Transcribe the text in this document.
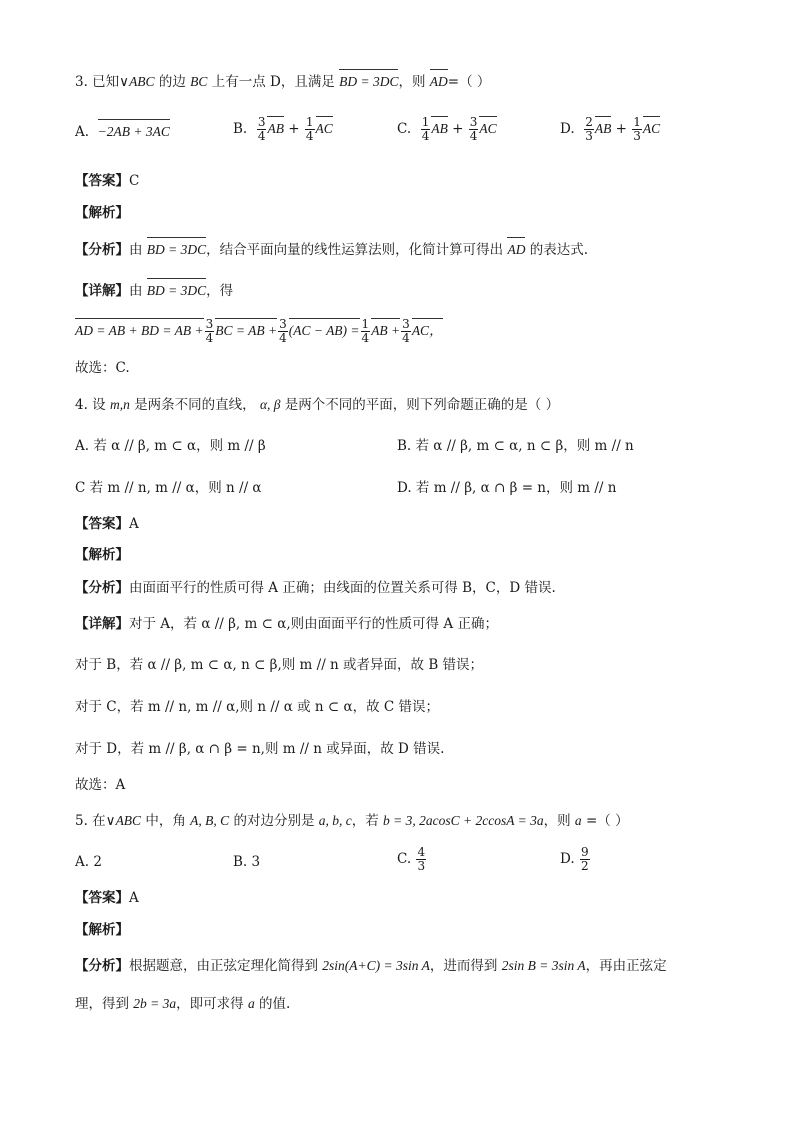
3. 已知∨ABC 的边 BC 上有一点 D，且满足 BD = 3DC，则 AD=（ ）
A. −2AB + 3AC	B. $\frac{3}{4}$ AB + $\frac{1}{4}$ AC	C. $\frac{1}{4}$ AB + $\frac{3}{4}$ AC	D. $\frac{2}{3}$ AB + $\frac{1}{3}$ AC
【答案】C
【解析】
【分析】由 BD = 3DC，结合平面向量的线性运算法则，化简计算可得出 AD 的表达式.
【详解】由 BD = 3DC，得
AD = AB + BD = AB + $\frac{3}{4}$ BC = AB + $\frac{3}{4} (AC - AB) = \frac{1}{4}$ AB + $\frac{3}{4}$ AC，
故选：C.
4. 设 m,n 是两条不同的直线， α, β 是两个不同的平面，则下列命题正确的是（ ）
A. 若 α // β, m ⊂ α，则 m // β	B. 若 α // β, m ⊂ α, n ⊂ β，则 m // n
C 若 m // n, m // α，则 n // α	D. 若 m // β, α ∩ β = n，则 m // n
【答案】A
【解析】
【分析】由面面平行的性质可得 A 正确；由线面的位置关系可得 B，C，D 错误.
【详解】对于 A，若 α // β, m ⊂ α,则由面面平行的性质可得 A 正确；
对于 B，若 α // β, m ⊂ α, n ⊂ β,则 m // n 或者异面，故 B 错误；
对于 C，若 m // n, m // α,则 n // α 或 n ⊂ α，故 C 错误；
对于 D，若 m // β, α ∩ β = n,则 m // n 或异面，故 D 错误.
故选：A
5. 在∨ABC 中，角 A, B, C 的对边分别是 a, b, c，若 b = 3, 2acosC + 2ccosA = 3a，则 a =（ ）
A. 2	B. 3	C. $\frac{4}{3}$	D. $\frac{9}{2}$
【答案】A
【解析】
【分析】根据题意，由正弦定理化简得到 2sin(A+C) = 3sin A，进而得到 2sin B = 3sin A，再由正弦定
理，得到 2b = 3a，即可求得 a 的值.
